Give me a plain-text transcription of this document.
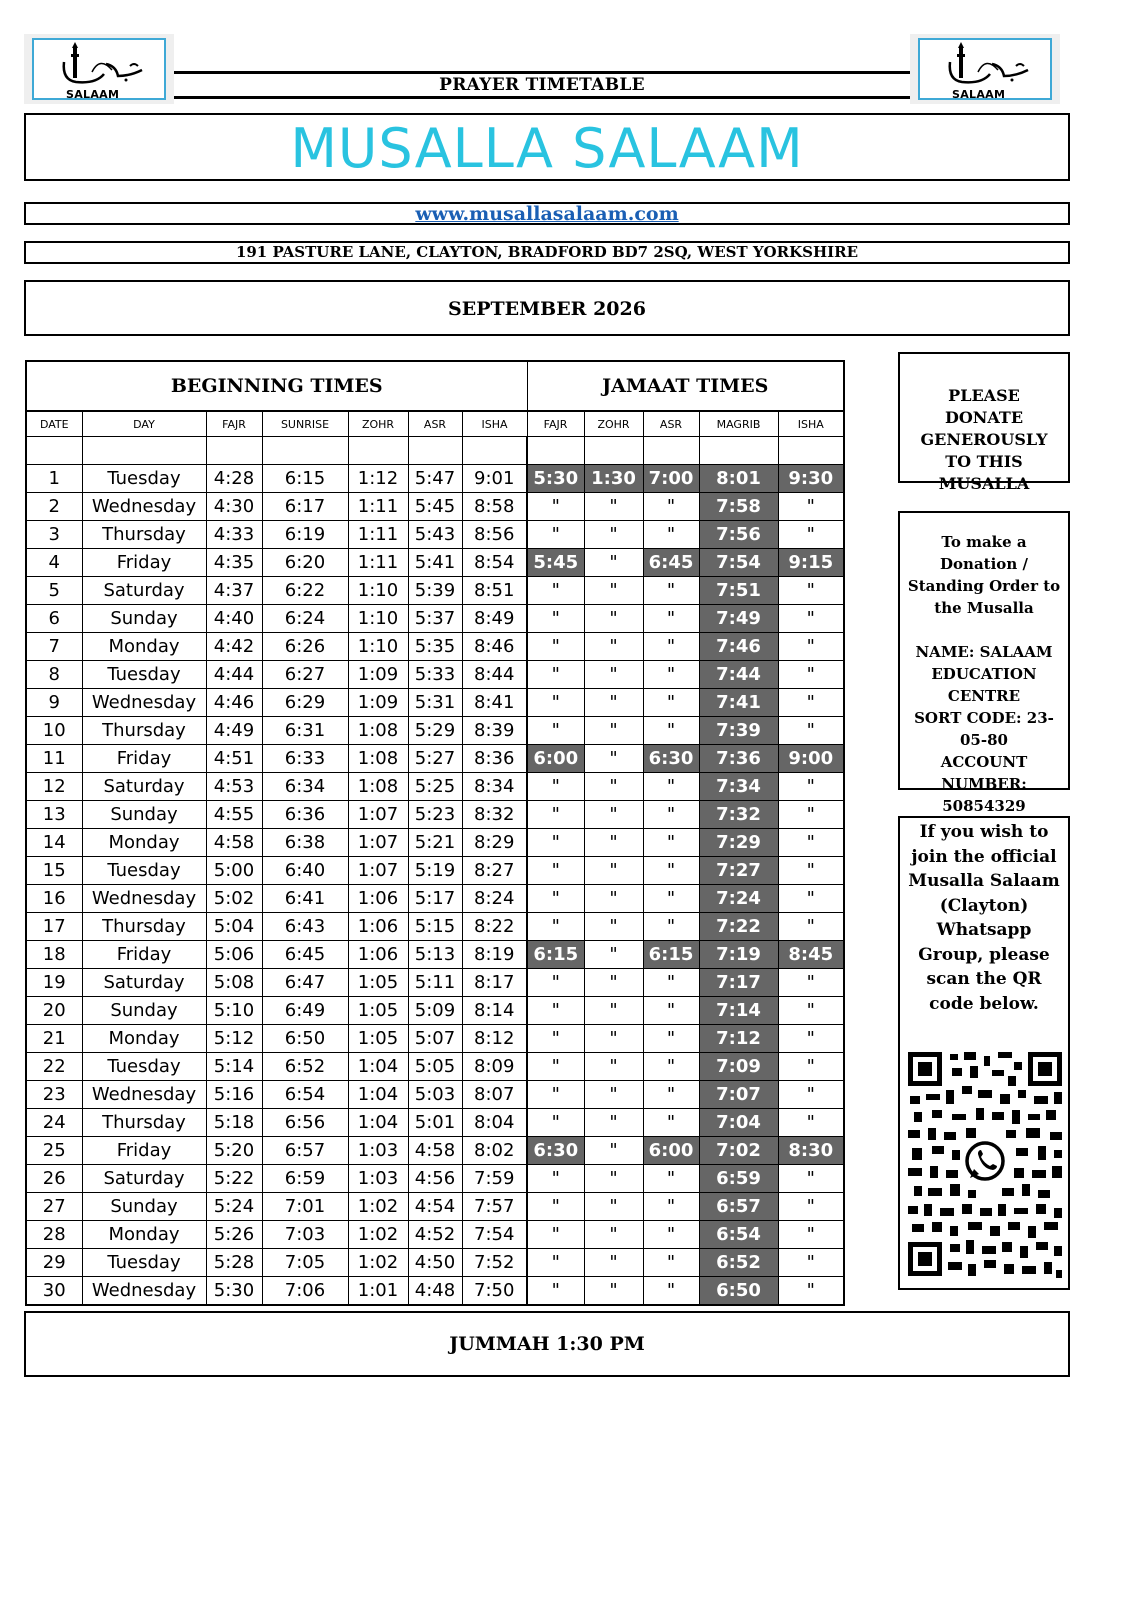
SALAAM	SALAAM
PRAYER TIMETABLE
MUSALLA SALAAM
www.musallasalaam.com
191 PASTURE LANE, CLAYTON, BRADFORD BD7 2SQ, WEST YORKSHIRE
SEPTEMBER 2026
BEGINNING TIMES							JAMAAT TIMES				
DATE	DAY	FAJR	SUNRISE	ZOHR	ASR	ISHA	FAJR	ZOHR	ASR	MAGRIB	ISHA

1	Tuesday	4:28	6:15	1:12	5:47	9:01	5:30	1:30	7:00	8:01	9:30
2	Wednesday	4:30	6:17	1:11	5:45	8:58	"	"	"	7:58	"
3	Thursday	4:33	6:19	1:11	5:43	8:56	"	"	"	7:56	"
4	Friday	4:35	6:20	1:11	5:41	8:54	5:45	"	6:45	7:54	9:15
5	Saturday	4:37	6:22	1:10	5:39	8:51	"	"	"	7:51	"
6	Sunday	4:40	6:24	1:10	5:37	8:49	"	"	"	7:49	"
7	Monday	4:42	6:26	1:10	5:35	8:46	"	"	"	7:46	"
8	Tuesday	4:44	6:27	1:09	5:33	8:44	"	"	"	7:44	"
9	Wednesday	4:46	6:29	1:09	5:31	8:41	"	"	"	7:41	"
10	Thursday	4:49	6:31	1:08	5:29	8:39	"	"	"	7:39	"
11	Friday	4:51	6:33	1:08	5:27	8:36	6:00	"	6:30	7:36	9:00
12	Saturday	4:53	6:34	1:08	5:25	8:34	"	"	"	7:34	"
13	Sunday	4:55	6:36	1:07	5:23	8:32	"	"	"	7:32	"
14	Monday	4:58	6:38	1:07	5:21	8:29	"	"	"	7:29	"
15	Tuesday	5:00	6:40	1:07	5:19	8:27	"	"	"	7:27	"
16	Wednesday	5:02	6:41	1:06	5:17	8:24	"	"	"	7:24	"
17	Thursday	5:04	6:43	1:06	5:15	8:22	"	"	"	7:22	"
18	Friday	5:06	6:45	1:06	5:13	8:19	6:15	"	6:15	7:19	8:45
19	Saturday	5:08	6:47	1:05	5:11	8:17	"	"	"	7:17	"
20	Sunday	5:10	6:49	1:05	5:09	8:14	"	"	"	7:14	"
21	Monday	5:12	6:50	1:05	5:07	8:12	"	"	"	7:12	"
22	Tuesday	5:14	6:52	1:04	5:05	8:09	"	"	"	7:09	"
23	Wednesday	5:16	6:54	1:04	5:03	8:07	"	"	"	7:07	"
24	Thursday	5:18	6:56	1:04	5:01	8:04	"	"	"	7:04	"
25	Friday	5:20	6:57	1:03	4:58	8:02	6:30	"	6:00	7:02	8:30
26	Saturday	5:22	6:59	1:03	4:56	7:59	"	"	"	6:59	"
27	Sunday	5:24	7:01	1:02	4:54	7:57	"	"	"	6:57	"
28	Monday	5:26	7:03	1:02	4:52	7:54	"	"	"	6:54	"
29	Tuesday	5:28	7:05	1:02	4:50	7:52	"	"	"	6:52	"
30	Wednesday	5:30	7:06	1:01	4:48	7:50	"	"	"	6:50	"
PLEASE DONATE GENEROUSLY TO THIS MUSALLA
To make a Donation / Standing Order to the Musalla
NAME: SALAAM EDUCATION CENTRE
SORT CODE: 23-05-80
ACCOUNT NUMBER: 50854329
If you wish to join the official Musalla Salaam (Clayton) Whatsapp Group, please scan the QR code below.
JUMMAH 1:30 PM
